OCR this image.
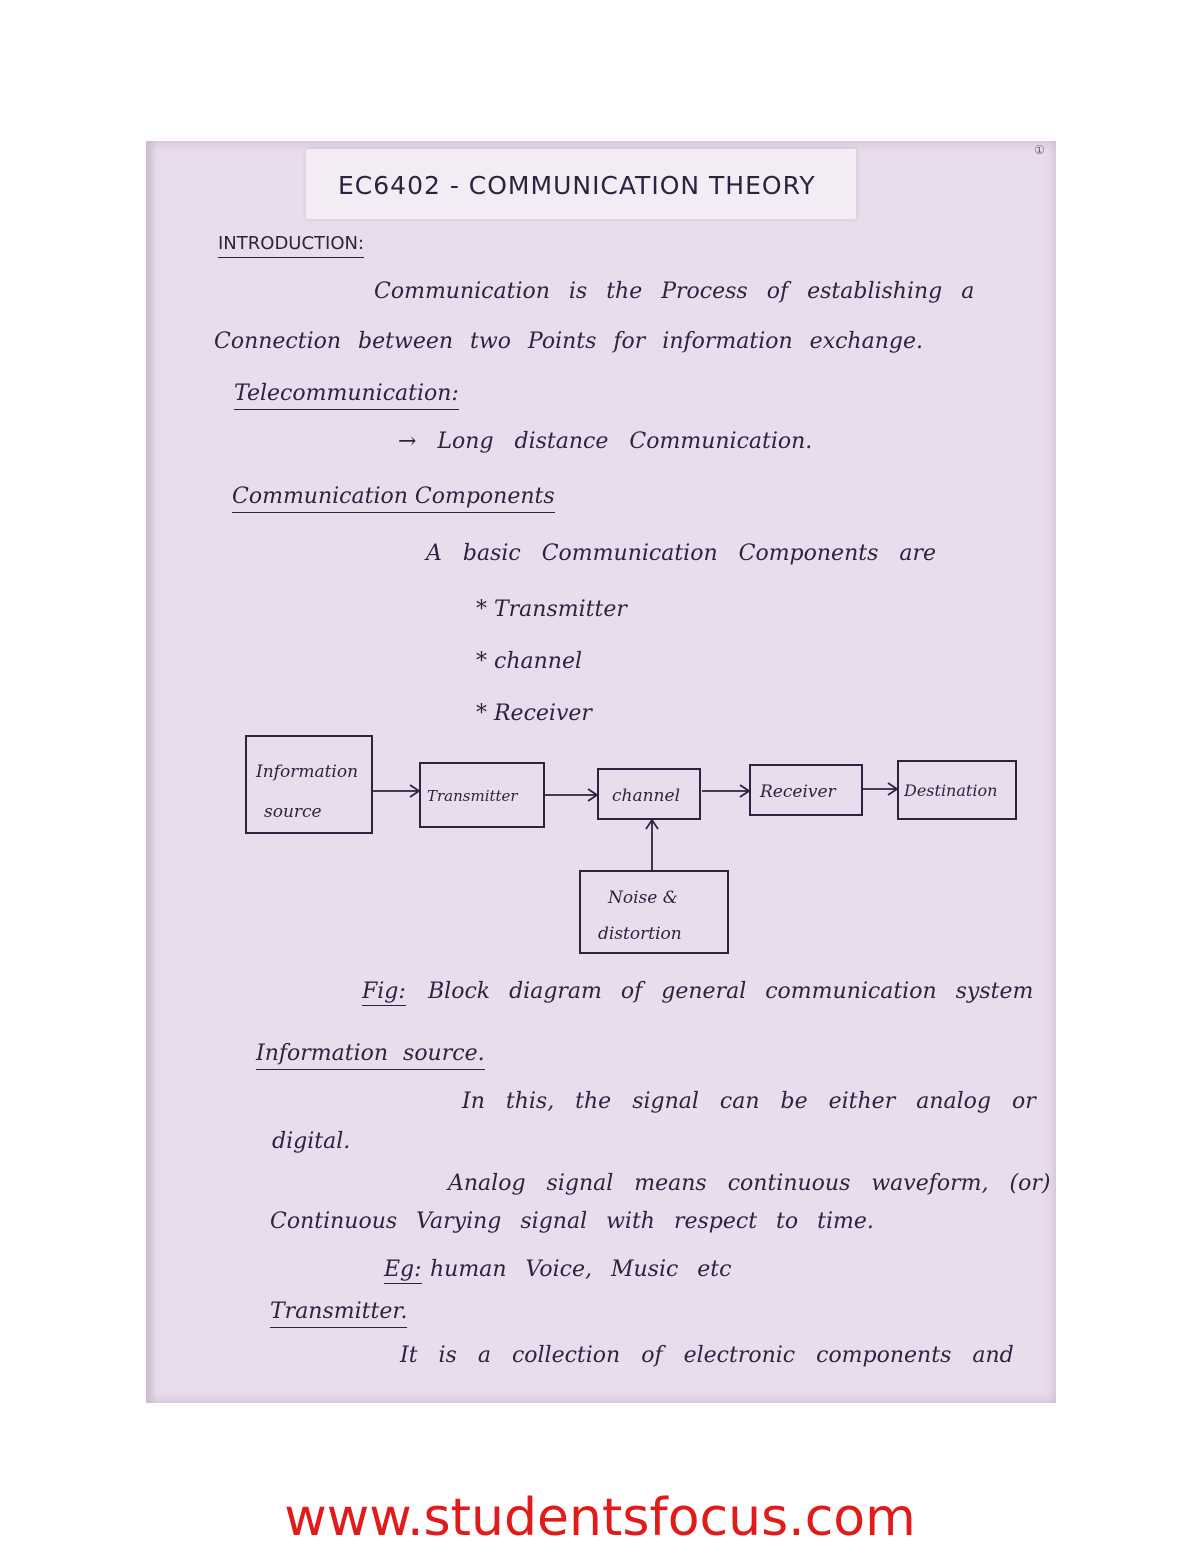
①
EC6402 - COMMUNICATION THEORY
INTRODUCTION:
Communication is the Process of establishing a
Connection between two Points for information exchange.
Telecommunication:
→ Long distance Communication.
Communication Components
A basic Communication Components are
* Transmitter
* channel
* Receiver
Information
source
Transmitter	channel	Receiver	Destination
Noise &
distortion
Fig: Block diagram of general communication system
Information source.
In this, the signal can be either analog or
digital.
Analog signal means continuous waveform, (or)
Continuous Varying signal with respect to time.
Eg: human Voice, Music etc
Transmitter.
It is a collection of electronic components and
www.studentsfocus.com
